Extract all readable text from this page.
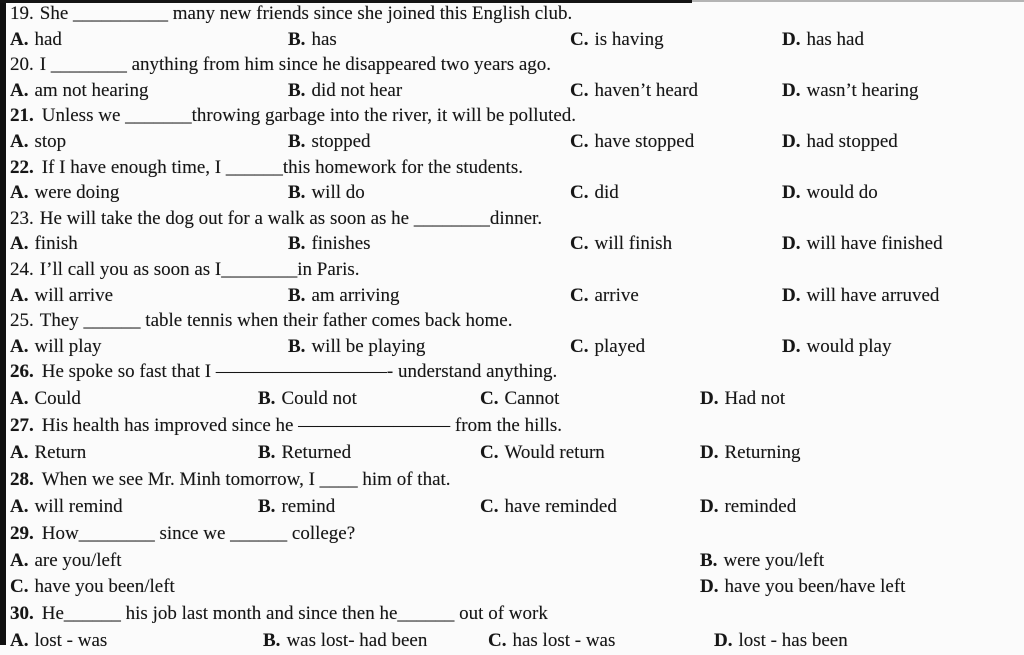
19. She __________ many new friends since she joined this English club.
A. had	B. has	C. is having	D. has had
20. I ________ anything from him since he disappeared two years ago.
A. am not hearing	B. did not hear	C. haven’t heard	D. wasn’t hearing
21. Unless we _______throwing garbage into the river, it will be polluted.
A. stop	B. stopped	C. have stopped	D. had stopped
22. If I have enough time, I ______this homework for the students.
A. were doing	B. will do	C. did	D. would do
23. He will take the dog out for a walk as soon as he ________dinner.
A. finish	B. finishes	C. will finish	D. will have finished
24. I’ll call you as soon as I________in Paris.
A. will arrive	B. am arriving	C. arrive	D. will have arruved
25. They ______ table tennis when their father comes back home.
A. will play	B. will be playing	C. played	D. would play
26. He spoke so fast that I —————————- understand anything.
A. Could	B. Could not	C. Cannot	D. Had not
27. His health has improved since he ———————— from the hills.
A. Return	B. Returned	C. Would return	D. Returning
28. When we see Mr. Minh tomorrow, I ____ him of that.
A. will remind	B. remind	C. have reminded	D. reminded
29. How________ since we ______ college?
A. are you/left	B. were you/left
C. have you been/left	D. have you been/have left
30. He______ his job last month and since then he______ out of work
A. lost - was	B. was lost- had been	C. has lost - was	D. lost - has been
